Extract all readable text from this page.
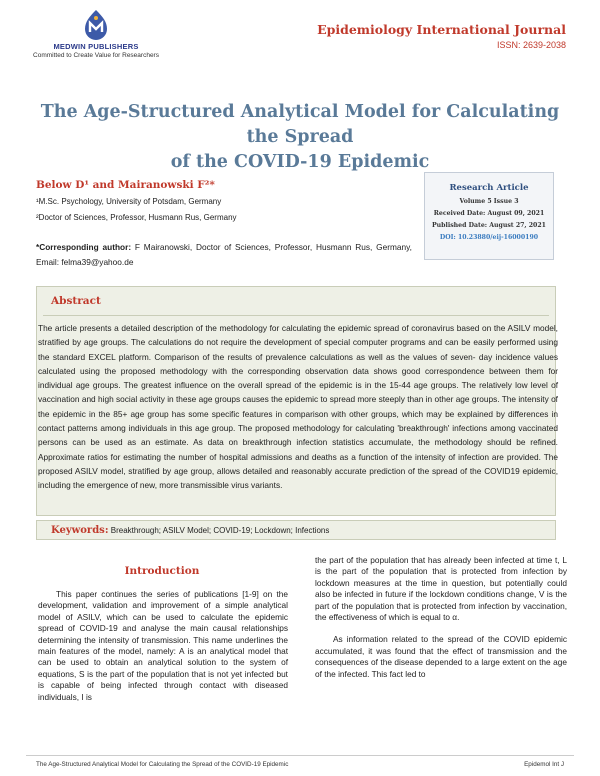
MEDWIN PUBLISHERS
Committed to Create Value for Researchers
Epidemiology International Journal
ISSN: 2639-2038
The Age-Structured Analytical Model for Calculating the Spread
of the COVID-19 Epidemic
Below D¹ and Mairanowski F²*
¹M.Sc. Psychology, University of Potsdam, Germany
²Doctor of Sciences, Professor, Husmann Rus, Germany
*Corresponding author: F Mairanowski, Doctor of Sciences, Professor, Husmann Rus, Germany, Email: felma39@yahoo.de
Research Article
Volume 5 Issue 3
Received Date: August 09, 2021
Published Date: August 27, 2021
DOI: 10.23880/eij-16000190
Abstract
The article presents a detailed description of the methodology for calculating the epidemic spread of coronavirus based on the ASILV model, stratified by age groups. The calculations do not require the development of special computer programs and can be easily performed using the standard EXCEL platform. Comparison of the results of prevalence calculations as well as the values of seven- day incidence values calculated using the proposed methodology with the corresponding observation data shows good correspondence between them for individual age groups. The greatest influence on the overall spread of the epidemic is in the 15-44 age groups. The relatively low level of vaccination and high social activity in these age groups causes the epidemic to spread more steeply than in other age groups. The intensity of the epidemic in the 85+ age group has some specific features in comparison with other groups, which may be explained by differences in contact patterns among individuals in this age group. The proposed methodology for calculating 'breakthrough' infections among vaccinated persons can be used as an estimate. As data on breakthrough infection statistics accumulate, the methodology should be refined. Approximate ratios for estimating the number of hospital admissions and deaths as a function of the intensity of infection are provided. The proposed ASILV model, stratified by age group, allows detailed and reasonably accurate prediction of the spread of the COVID19 epidemic, including the emergence of new, more transmissible virus variants.
Keywords: Breakthrough; ASILV Model; COVID-19; Lockdown; Infections
Introduction

This paper continues the series of publications [1-9] on the development, validation and improvement of a simple analytical model of ASILV, which can be used to calculate the epidemic spread of COVID-19 and analyse the main causal relationships determining the intensity of transmission. This name underlines the main features of the model, namely: A is an analytical model that can be used to obtain an analytical solution to the system of equations, S is the part of the population that is not yet infected but is capable of being infected through contact with diseased individuals, I is

the part of the population that has already been infected at time t, L is the part of the population that is protected from infection by lockdown measures at the time in question, but potentially could also be infected in future if the lockdown conditions change, V is the part of the population that is protected from infection by vaccination, the effectiveness of which is equal to α.

As information related to the spread of the COVID epidemic accumulated, it was found that the effect of transmission and the consequences of the disease depended to a large extent on the age of the infected. This fact led to

The Age-Structured Analytical Model for Calculating the Spread of the COVID-19 Epidemic	Epidemol Int J
